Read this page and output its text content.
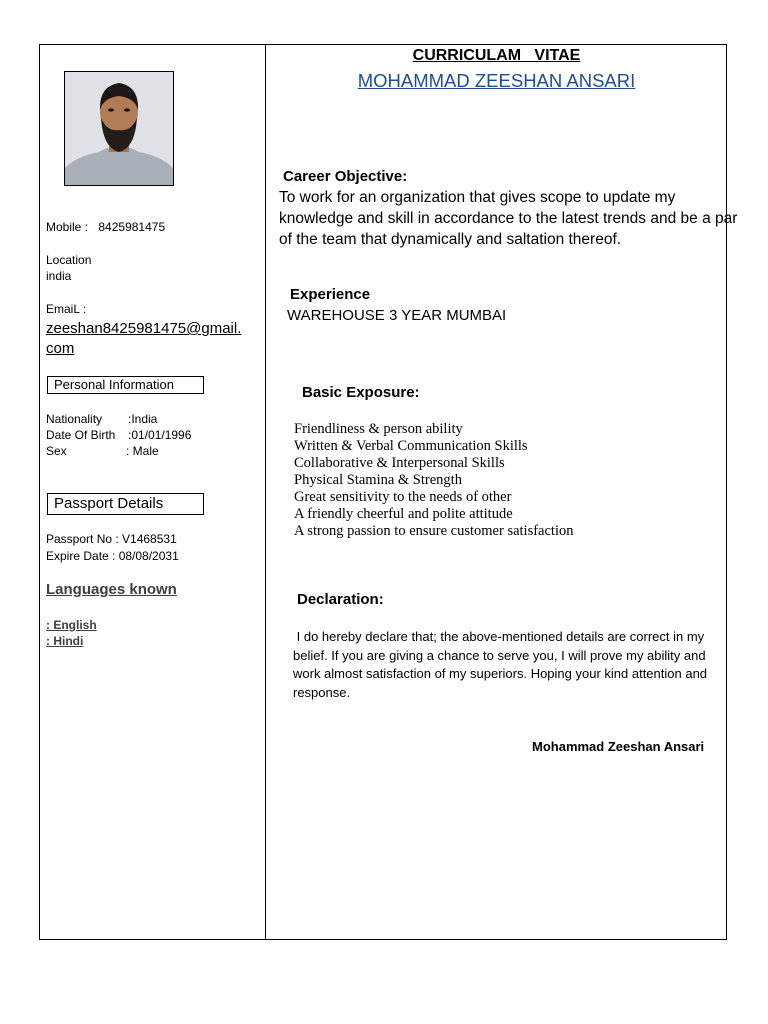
Mobile : 8425981475
Location
india
EmaiL :
zeeshan8425981475@gmail.
com
Personal Information
Nationality :India
Date Of Birth :01/01/1996
Sex	: Male
Passport Details
Passport No : V1468531
Expire Date : 08/08/2031
Languages known
: English
: Hindi
CURRICULAM   VITAE
MOHAMMAD ZEESHAN ANSARI
Career Objective:
To work for an organization that gives scope to update my
knowledge and skill in accordance to the latest trends and be a par
of the team that dynamically and saltation thereof.
Experience
WAREHOUSE 3 YEAR MUMBAI
Basic Exposure:
Friendliness & person ability
Written & Verbal Communication Skills
Collaborative & Interpersonal Skills
Physical Stamina & Strength
Great sensitivity to the needs of other
A friendly cheerful and polite attitude
A strong passion to ensure customer satisfaction
Declaration:
I do hereby declare that; the above-mentioned details are correct in my
belief. If you are giving a chance to serve you, I will prove my ability and
work almost satisfaction of my superiors. Hoping your kind attention and
response.
Mohammad Zeeshan Ansari
